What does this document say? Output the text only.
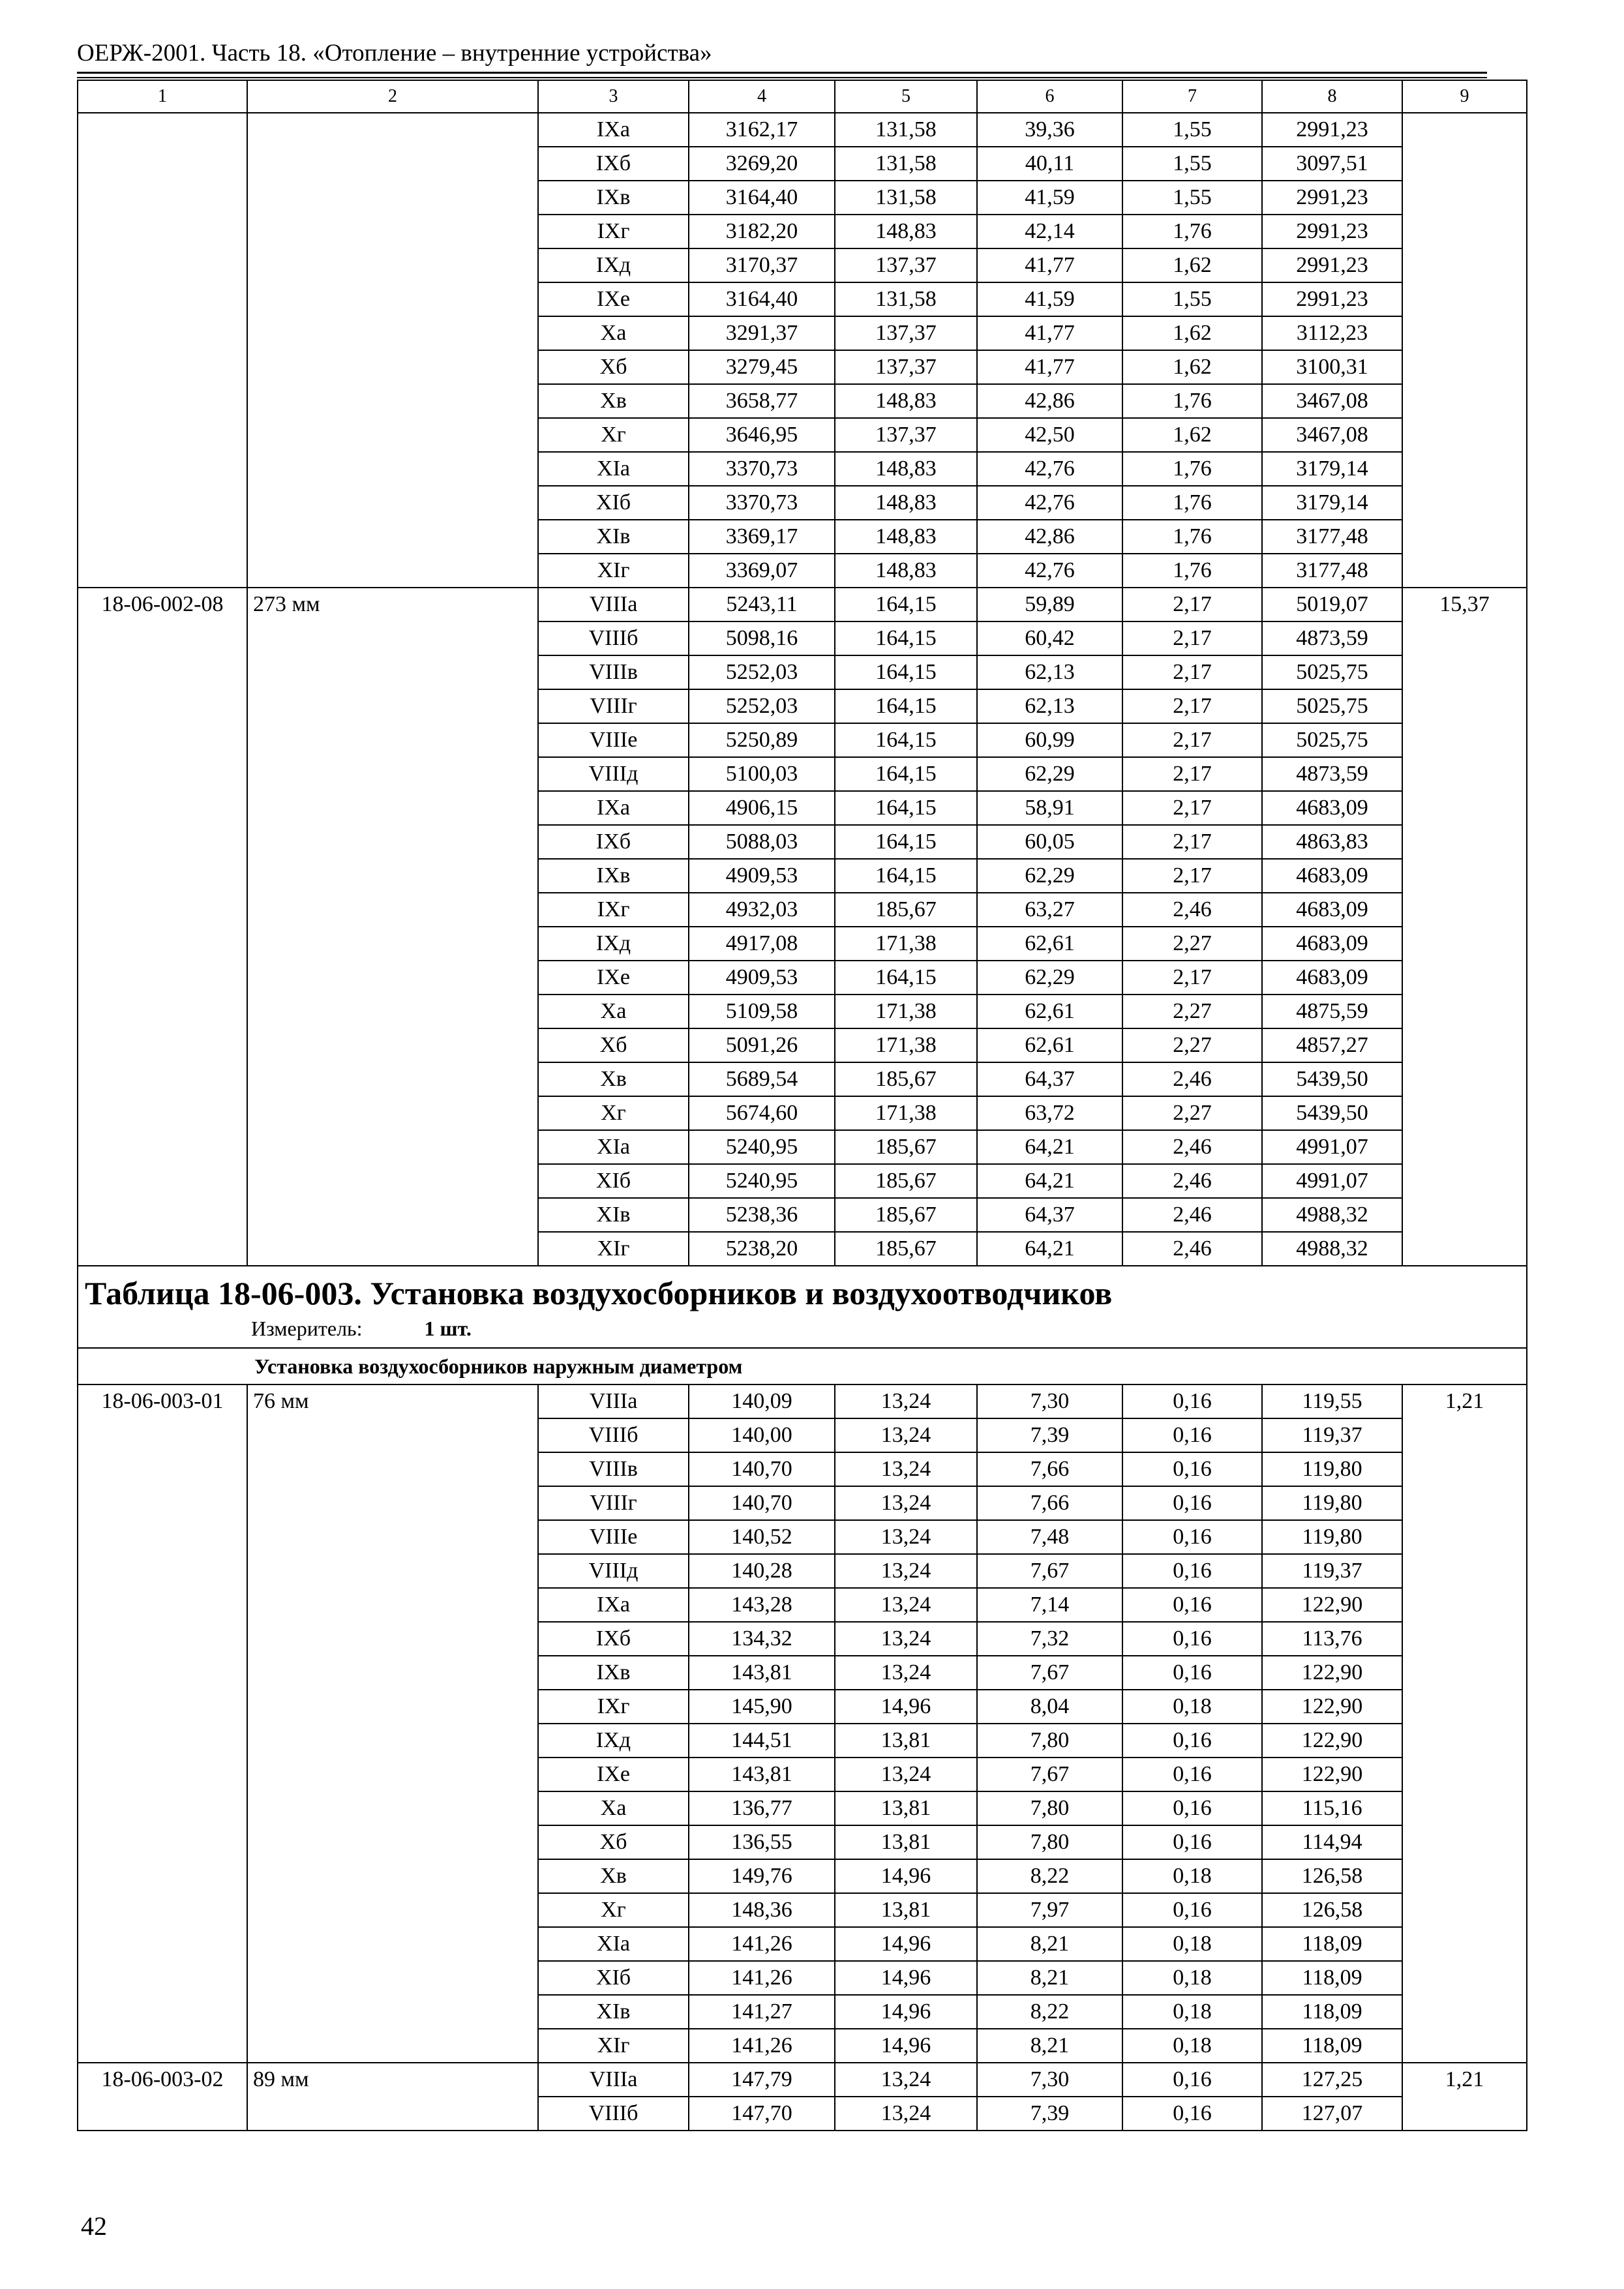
ОЕРЖ-2001. Часть 18. «Отопление – внутренние устройства»
1	2	3	4	5	6	7	8	9
		IXа	3162,17	131,58	39,36	1,55	2991,23	
		IXб	3269,20	131,58	40,11	1,55	3097,51	
		IXв	3164,40	131,58	41,59	1,55	2991,23	
		IXг	3182,20	148,83	42,14	1,76	2991,23	
		IXд	3170,37	137,37	41,77	1,62	2991,23	
		IXе	3164,40	131,58	41,59	1,55	2991,23	
		Xа	3291,37	137,37	41,77	1,62	3112,23	
		Xб	3279,45	137,37	41,77	1,62	3100,31	
		Xв	3658,77	148,83	42,86	1,76	3467,08	
		Xг	3646,95	137,37	42,50	1,62	3467,08	
		XIа	3370,73	148,83	42,76	1,76	3179,14	
		XIб	3370,73	148,83	42,76	1,76	3179,14	
		XIв	3369,17	148,83	42,86	1,76	3177,48	
		XIг	3369,07	148,83	42,76	1,76	3177,48	
18-06-002-08	273 мм	VIIIа	5243,11	164,15	59,89	2,17	5019,07	15,37
		VIIIб	5098,16	164,15	60,42	2,17	4873,59	
		VIIIв	5252,03	164,15	62,13	2,17	5025,75	
		VIIIг	5252,03	164,15	62,13	2,17	5025,75	
		VIIIе	5250,89	164,15	60,99	2,17	5025,75	
		VIIIд	5100,03	164,15	62,29	2,17	4873,59	
		IXа	4906,15	164,15	58,91	2,17	4683,09	
		IXб	5088,03	164,15	60,05	2,17	4863,83	
		IXв	4909,53	164,15	62,29	2,17	4683,09	
		IXг	4932,03	185,67	63,27	2,46	4683,09	
		IXд	4917,08	171,38	62,61	2,27	4683,09	
		IXе	4909,53	164,15	62,29	2,17	4683,09	
		Xа	5109,58	171,38	62,61	2,27	4875,59	
		Xб	5091,26	171,38	62,61	2,27	4857,27	
		Xв	5689,54	185,67	64,37	2,46	5439,50	
		Xг	5674,60	171,38	63,72	2,27	5439,50	
		XIа	5240,95	185,67	64,21	2,46	4991,07	
		XIб	5240,95	185,67	64,21	2,46	4991,07	
		XIв	5238,36	185,67	64,37	2,46	4988,32	
		XIг	5238,20	185,67	64,21	2,46	4988,32	

Таблица 18-06-003. Установка воздухосборников и воздухоотводчиков
Измеритель: 1 шт.								

Установка воздухосборников наружным диаметром								
18-06-003-01	76 мм	VIIIа	140,09	13,24	7,30	0,16	119,55	1,21
		VIIIб	140,00	13,24	7,39	0,16	119,37	
		VIIIв	140,70	13,24	7,66	0,16	119,80	
		VIIIг	140,70	13,24	7,66	0,16	119,80	
		VIIIе	140,52	13,24	7,48	0,16	119,80	
		VIIIд	140,28	13,24	7,67	0,16	119,37	
		IXа	143,28	13,24	7,14	0,16	122,90	
		IXб	134,32	13,24	7,32	0,16	113,76	
		IXв	143,81	13,24	7,67	0,16	122,90	
		IXг	145,90	14,96	8,04	0,18	122,90	
		IXд	144,51	13,81	7,80	0,16	122,90	
		IXе	143,81	13,24	7,67	0,16	122,90	
		Xа	136,77	13,81	7,80	0,16	115,16	
		Xб	136,55	13,81	7,80	0,16	114,94	
		Xв	149,76	14,96	8,22	0,18	126,58	
		Xг	148,36	13,81	7,97	0,16	126,58	
		XIа	141,26	14,96	8,21	0,18	118,09	
		XIб	141,26	14,96	8,21	0,18	118,09	
		XIв	141,27	14,96	8,22	0,18	118,09	
		XIг	141,26	14,96	8,21	0,18	118,09	
18-06-003-02	89 мм	VIIIа	147,79	13,24	7,30	0,16	127,25	1,21
		VIIIб	147,70	13,24	7,39	0,16	127,07	
42
